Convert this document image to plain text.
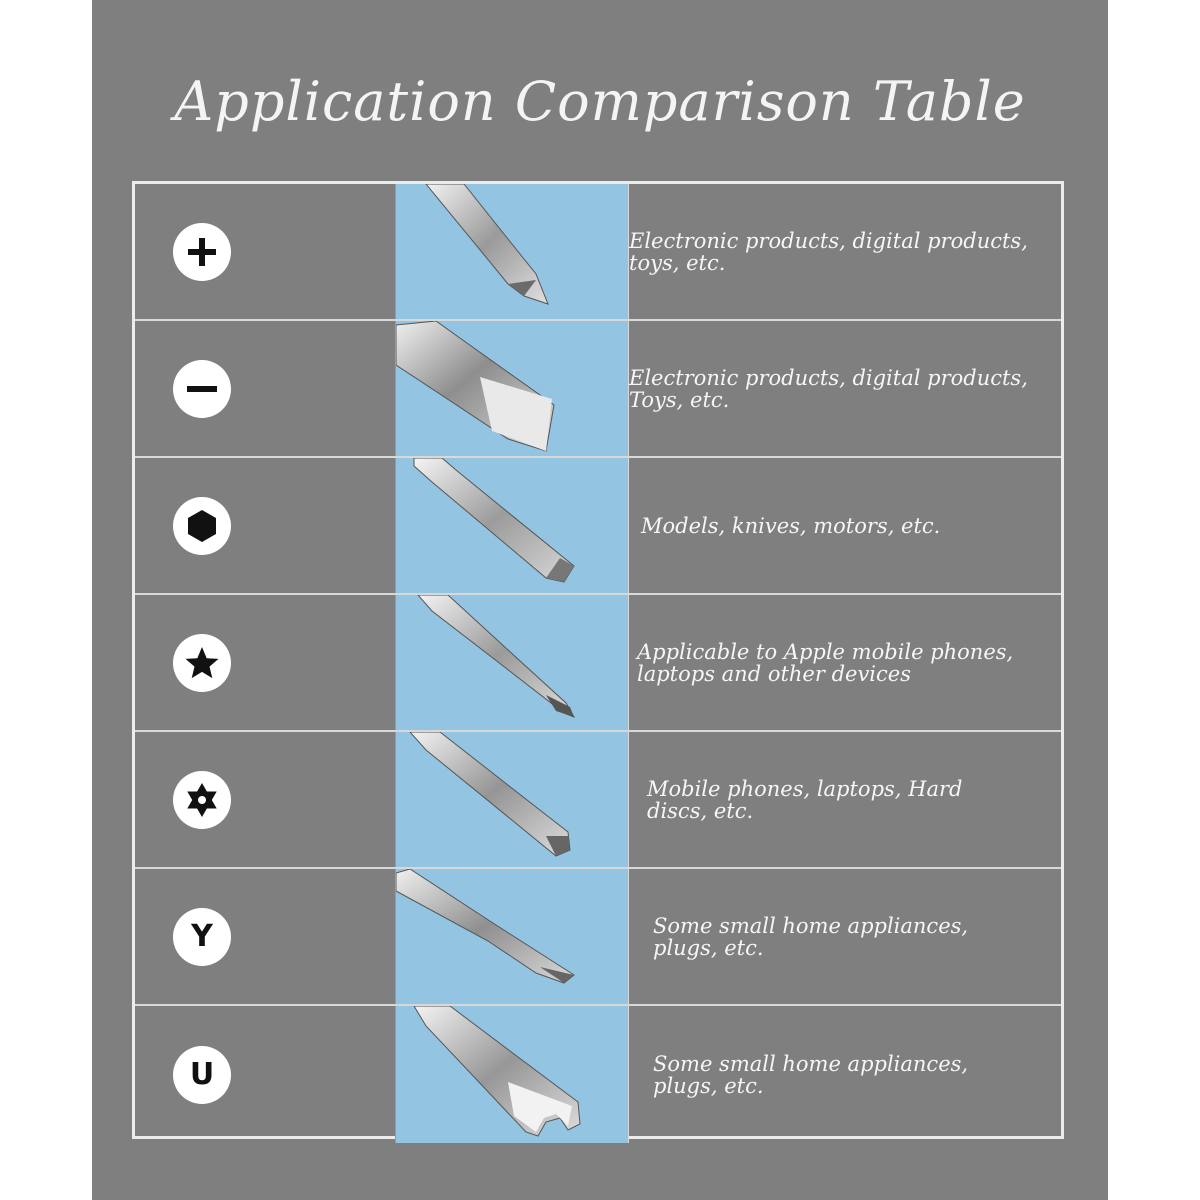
Application Comparison Table

Electronic products, digital products,
toys, etc.

Electronic products, digital products,
Toys, etc.

Models, knives, motors, etc.

Applicable to Apple mobile phones,
laptops and other devices

Mobile phones, laptops, Hard
discs, etc.

Y	Some small home appliances,
plugs, etc.

U	Some small home appliances,
plugs, etc.
